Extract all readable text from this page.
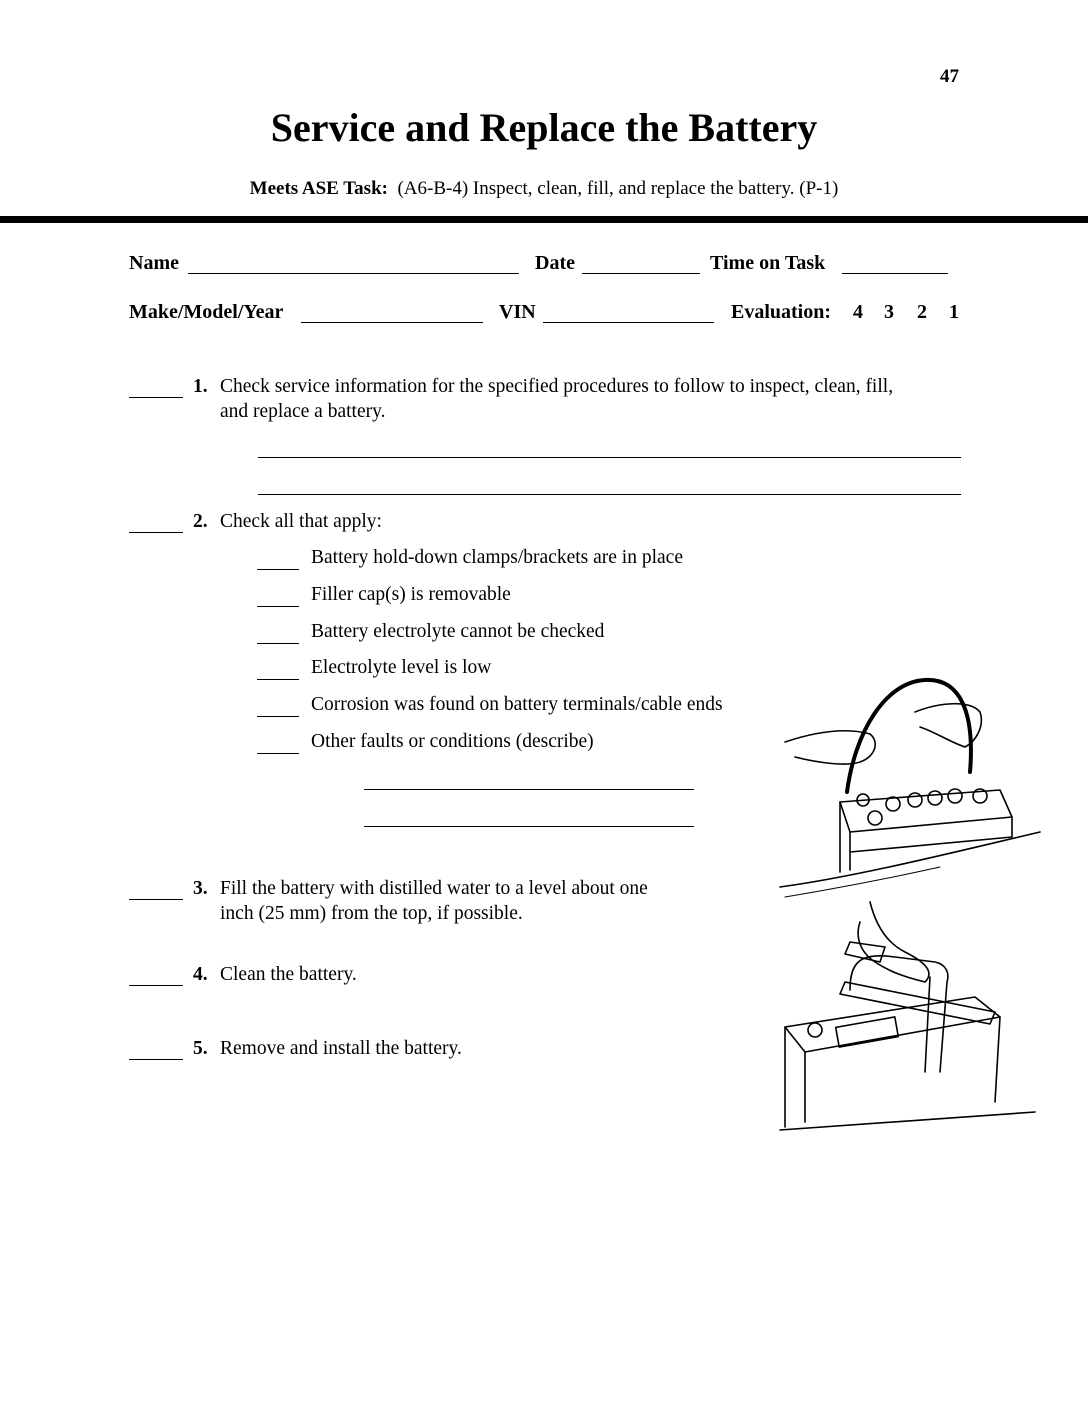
47
Service and Replace the Battery
Meets ASE Task: (A6-B-4) Inspect, clean, fill, and replace the battery. (P-1)
Name	Date	Time on Task
Make/Model/Year	VIN	Evaluation: 4 3 2 1
1. Check service information for the specified procedures to follow to inspect, clean, fill,
and replace a battery.
2. Check all that apply:
Battery hold-down clamps/brackets are in place
Filler cap(s) is removable
Battery electrolyte cannot be checked
Electrolyte level is low
Corrosion was found on battery terminals/cable ends
Other faults or conditions (describe)
3. Fill the battery with distilled water to a level about one
inch (25 mm) from the top, if possible.
4. Clean the battery.
5. Remove and install the battery.
